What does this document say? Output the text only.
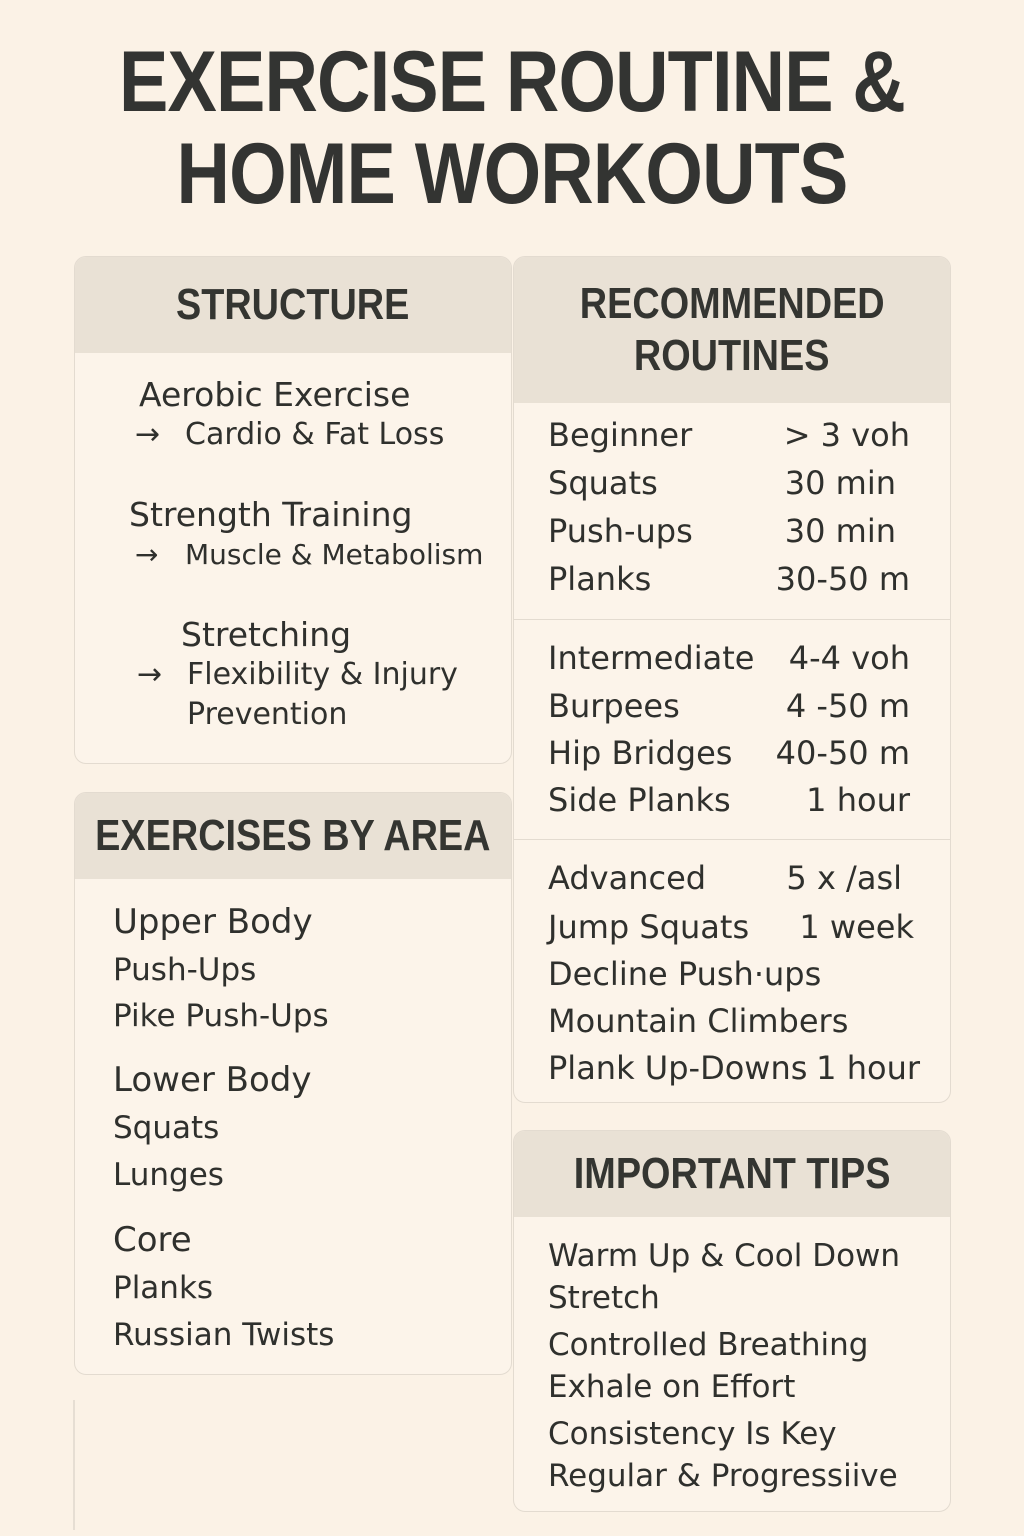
EXERCISE ROUTINE &
HOME WORKOUTS
STRUCTURE
Aerobic Exercise
→ Cardio & Fat Loss
Strength Training
→ Muscle & Metabolism
Stretching
→ Flexibility & Injury
Prevention
RECOMMENDED
ROUTINES
Beginner	> 3 voh
Squats	30 min
Push-ups	30 min
Planks	30-50 m
Intermediate 4-4 voh
Burpees	4 -50 m
Hip Bridges 40-50 m
Side Planks 1 hour
Advanced	5 x /asl
Jump Squats 1 week
Decline Push·ups
Mountain Climbers
Plank Up-Downs 1 hour
EXERCISES BY AREA
Upper Body
Push-Ups
Pike Push-Ups
Lower Body
Squats
Lunges
Core
Planks
Russian Twists
IMPORTANT TIPS
Warm Up & Cool Down
Stretch
Controlled Breathing
Exhale on Effort
Consistency Is Key
Regular & Progressiive
